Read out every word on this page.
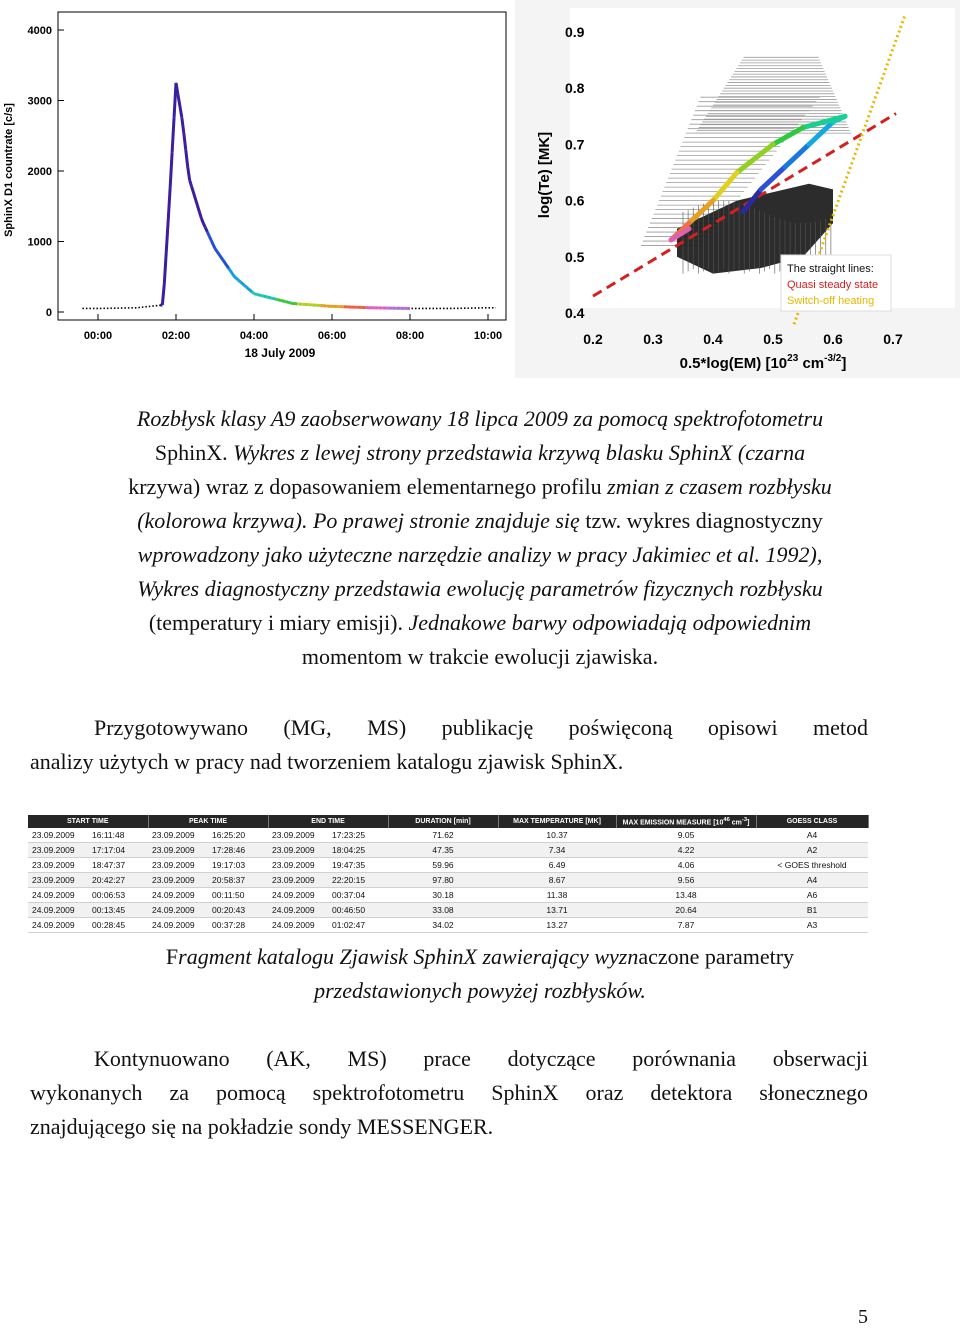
SphinX D1 countrate [c/s]
4000
3000
2000
1000
0
00:00	02:00	04:00	06:00	08:00	10:00
18 July 2009
log(Te) [MK]
0.9
0.8
0.7
0.6
0.5
0.4
0.2	0.3	0.4	0.5	0.6	0.7
0.5*log(EM) [$10^{23}$ $cm^{-3/2}$]
The straight lines:
Quasi steady state
Switch-off heating
Rozbłysk klasy A9 zaobserwowany 18 lipca 2009 za pomocą spektrofotometru
SphinX. Wykres z lewej strony przedstawia krzywą blasku SphinX (czarna
krzywa) wraz z dopasowaniem elementarnego profilu zmian z czasem rozbłysku
(kolorowa krzywa). Po prawej stronie znajduje się tzw. wykres diagnostyczny
wprowadzony jako użyteczne narzędzie analizy w pracy Jakimiec et al. 1992),
Wykres diagnostyczny przedstawia ewolucję parametrów fizycznych rozbłysku
(temperatury i miary emisji). Jednakowe barwy odpowiadają odpowiednim
momentom w trakcie ewolucji zjawiska.
Przygotowywano (MG, MS) publikację poświęconą opisowi metod
analizy użytych w pracy nad tworzeniem katalogu zjawisk SphinX.
START TIME		PEAK TIME		END TIME		DURATION [min]	MAX TEMPERATURE [MK]	MAX EMISSION MEASURE [$10^{46}$ $cm^{-3}$]	GOESS CLASS
23.09.2009	16:11:48	23.09.2009	16:25:20	23.09.2009	17:23:25	71.62	10.37	9.05	A4
23.09.2009	17:17:04	23.09.2009	17:28:46	23.09.2009	18:04:25	47.35	7.34	4.22	A2
23.09.2009	18:47:37	23.09.2009	19:17:03	23.09.2009	19:47:35	59.96	6.49	4.06	< GOES threshold
23.09.2009	20:42:27	23.09.2009	20:58:37	23.09.2009	22:20:15	97.80	8.67	9.56	A4
24.09.2009	00:06:53	24.09.2009	00:11:50	24.09.2009	00:37:04	30.18	11.38	13.48	A6
24.09.2009	00:13:45	24.09.2009	00:20:43	24.09.2009	00:46:50	33.08	13.71	20.64	B1
24.09.2009	00:28:45	24.09.2009	00:37:28	24.09.2009	01:02:47	34.02	13.27	7.87	A3
Fragment katalogu Zjawisk SphinX zawierający wyznaczone parametry
przedstawionych powyżej rozbłysków.
Kontynuowano (AK, MS) prace dotyczące porównania obserwacji
wykonanych za pomocą spektrofotometru SphinX oraz detektora słonecznego
znajdującego się na pokładzie sondy MESSENGER.
5
